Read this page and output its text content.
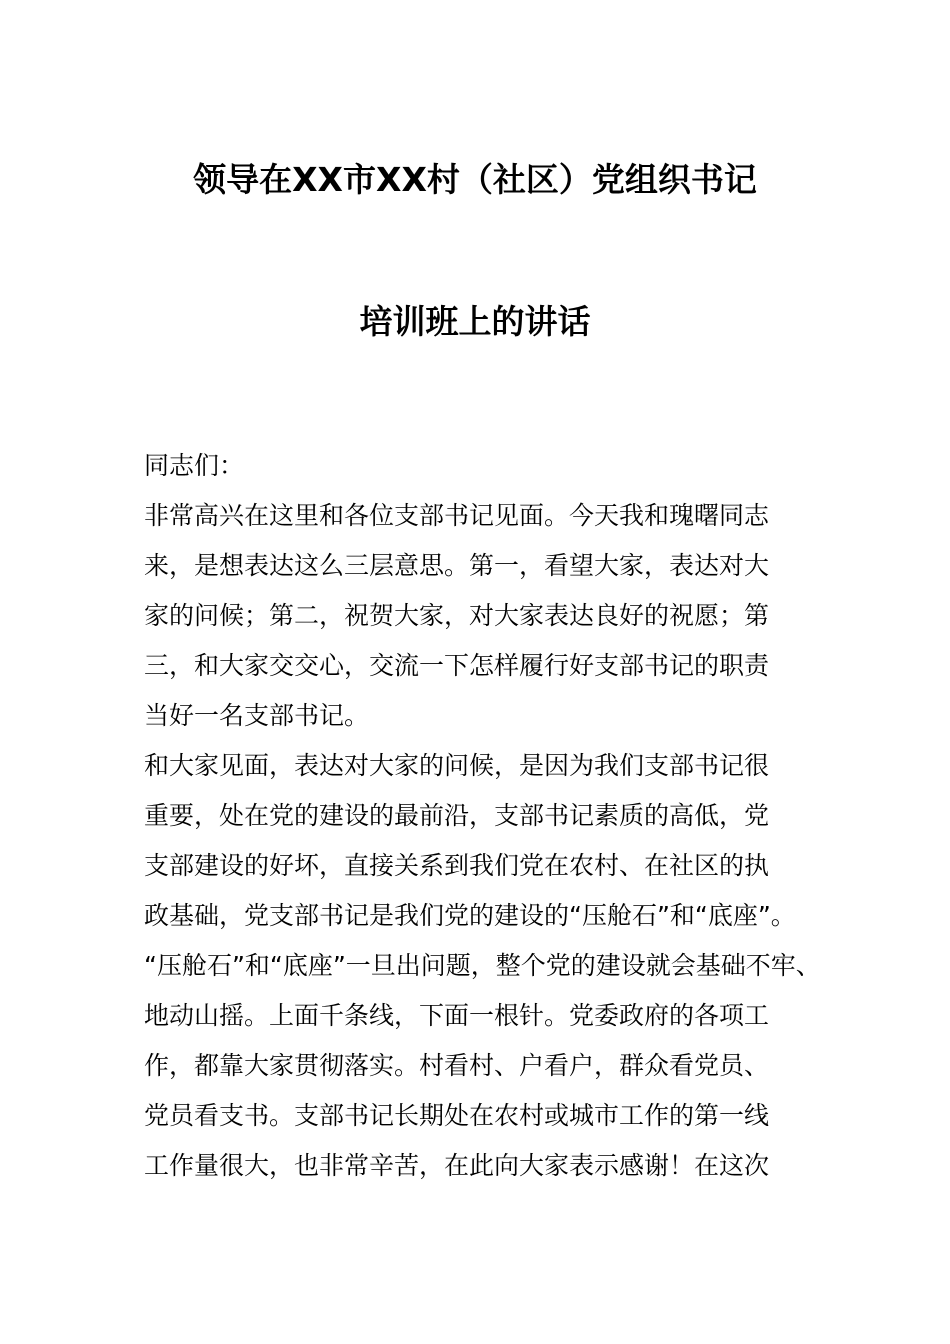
领导在XX市XX村（社区）党组织书记
培训班上的讲话
同志们：
非常高兴在这里和各位支部书记见面。今天我和瑰曙同志
来，是想表达这么三层意思。第一，看望大家，表达对大
家的问候；第二，祝贺大家，对大家表达良好的祝愿；第
三，和大家交交心，交流一下怎样履行好支部书记的职责
当好一名支部书记。
和大家见面，表达对大家的问候，是因为我们支部书记很
重要，处在党的建设的最前沿，支部书记素质的高低，党
支部建设的好坏，直接关系到我们党在农村、在社区的执
政基础，党支部书记是我们党的建设的“压舱石”和“底座”。
“压舱石”和“底座”一旦出问题，整个党的建设就会基础不牢、
地动山摇。上面千条线，下面一根针。党委政府的各项工
作，都靠大家贯彻落实。村看村、户看户，群众看党员、
党员看支书。支部书记长期处在农村或城市工作的第一线
工作量很大，也非常辛苦，在此向大家表示感谢！在这次
